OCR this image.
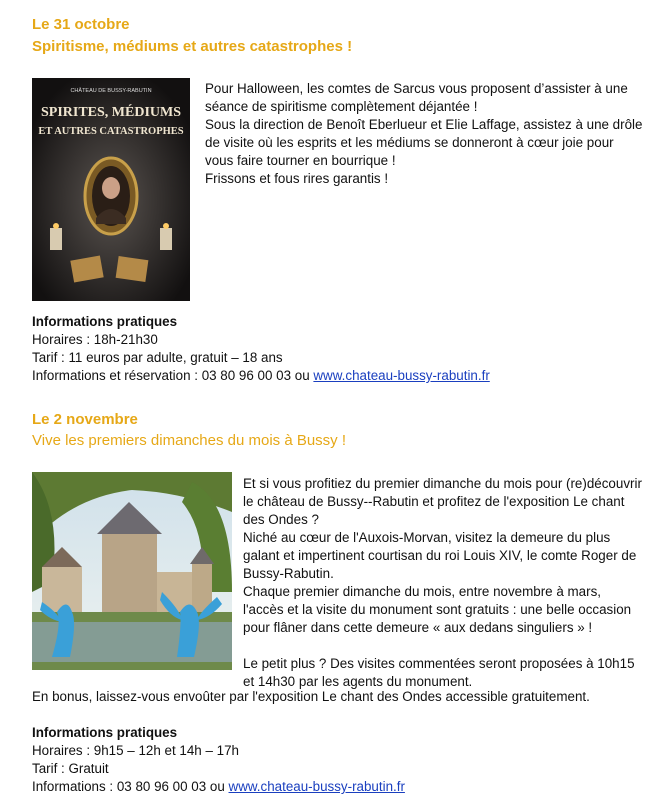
Le 31 octobre
Spiritisme, médiums et autres catastrophes !
CHÂTEAU DE BUSSY-RABUTIN
SPIRITES, MÉDIUMS
ET AUTRES CATASTROPHES

Pour Halloween, les comtes de Sarcus vous proposent d’assister à une séance de spiritisme complètement déjantée !

Sous la direction de Benoît Eberlueur et Elie Laffage, assistez à une drôle de visite où les esprits et les médiums se donneront à cœur joie pour vous faire tourner en bourrique !

Frissons et fous rires garantis !

Informations pratiques
Horaires : 18h-21h30
Tarif : 11 euros par adulte, gratuit – 18 ans
Informations et réservation : 03 80 96 00 03 ou www.chateau-bussy-rabutin.fr
Le 2 novembre
Vive les premiers dimanches du mois à Bussy !

Et si vous profitiez du premier dimanche du mois pour (re)découvrir le château de Bussy--Rabutin et profitez de l'exposition Le chant des Ondes ?

Niché au cœur de l'Auxois-Morvan, visitez la demeure du plus galant et impertinent courtisan du roi Louis XIV, le comte Roger de Bussy-Rabutin.

Chaque premier dimanche du mois, entre novembre à mars, l'accès et la visite du monument sont gratuits : une belle occasion pour flâner dans cette demeure « aux dedans singuliers » !

Le petit plus ? Des visites commentées seront proposées à 10h15 et 14h30 par les agents du monument.

En bonus, laissez-vous envoûter par l'exposition Le chant des Ondes accessible gratuitement.
Informations pratiques
Horaires : 9h15 – 12h et 14h – 17h
Tarif : Gratuit
Informations : 03 80 96 00 03 ou www.chateau-bussy-rabutin.fr
